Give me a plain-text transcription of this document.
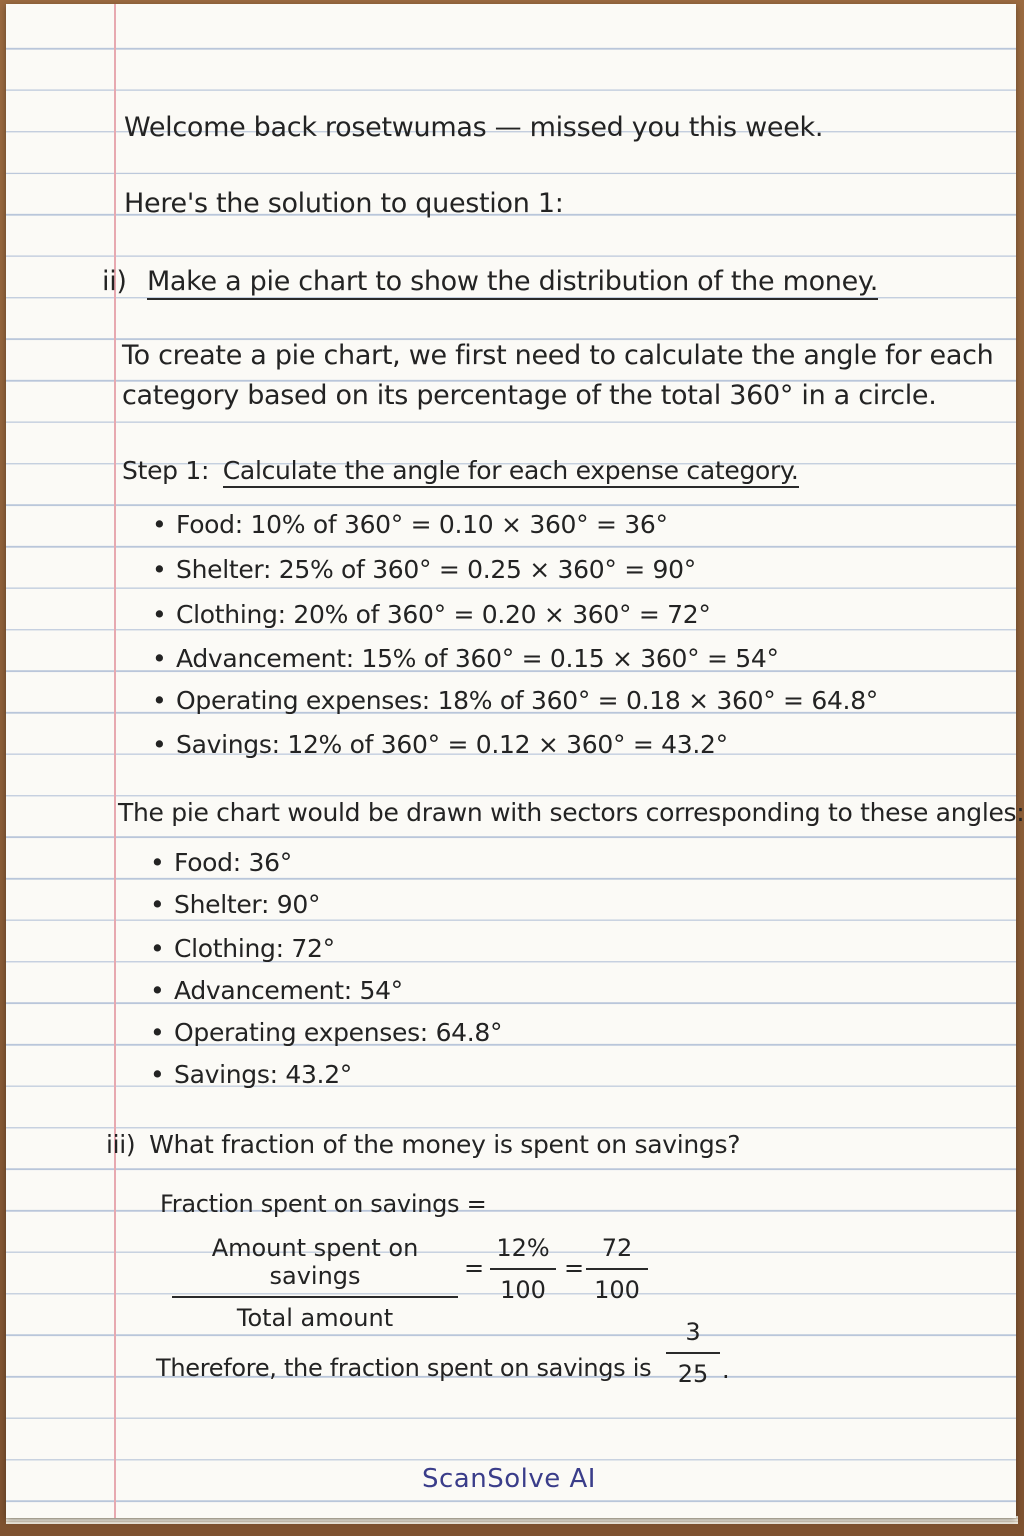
Welcome back rosetwumas — missed you this week.
Here's the solution to question 1:
ii) Make a pie chart to show the distribution of the money.
To create a pie chart, we first need to calculate the angle for each
category based on its percentage of the total 360° in a circle.
Step 1: Calculate the angle for each expense category.
• Food: 10% of 360° = 0.10 × 360° = 36°
• Shelter: 25% of 360° = 0.25 × 360° = 90°
• Clothing: 20% of 360° = 0.20 × 360° = 72°
• Advancement: 15% of 360° = 0.15 × 360° = 54°
• Operating expenses: 18% of 360° = 0.18 × 360° = 64.8°
• Savings: 12% of 360° = 0.12 × 360° = 43.2°
The pie chart would be drawn with sectors corresponding to these angles:
• Food: 36°
• Shelter: 90°
• Clothing: 72°
• Advancement: 54°
• Operating expenses: 64.8°
• Savings: 43.2°
iii) What fraction of the money is spent on savings?
Fraction spent on savings =
Amount spent on savings
Total amount
= $\frac{12\%}{100} = \frac{72}{100}$
Therefore, the fraction spent on savings is $\frac{3}{25}$ .
ScanSolve AI
